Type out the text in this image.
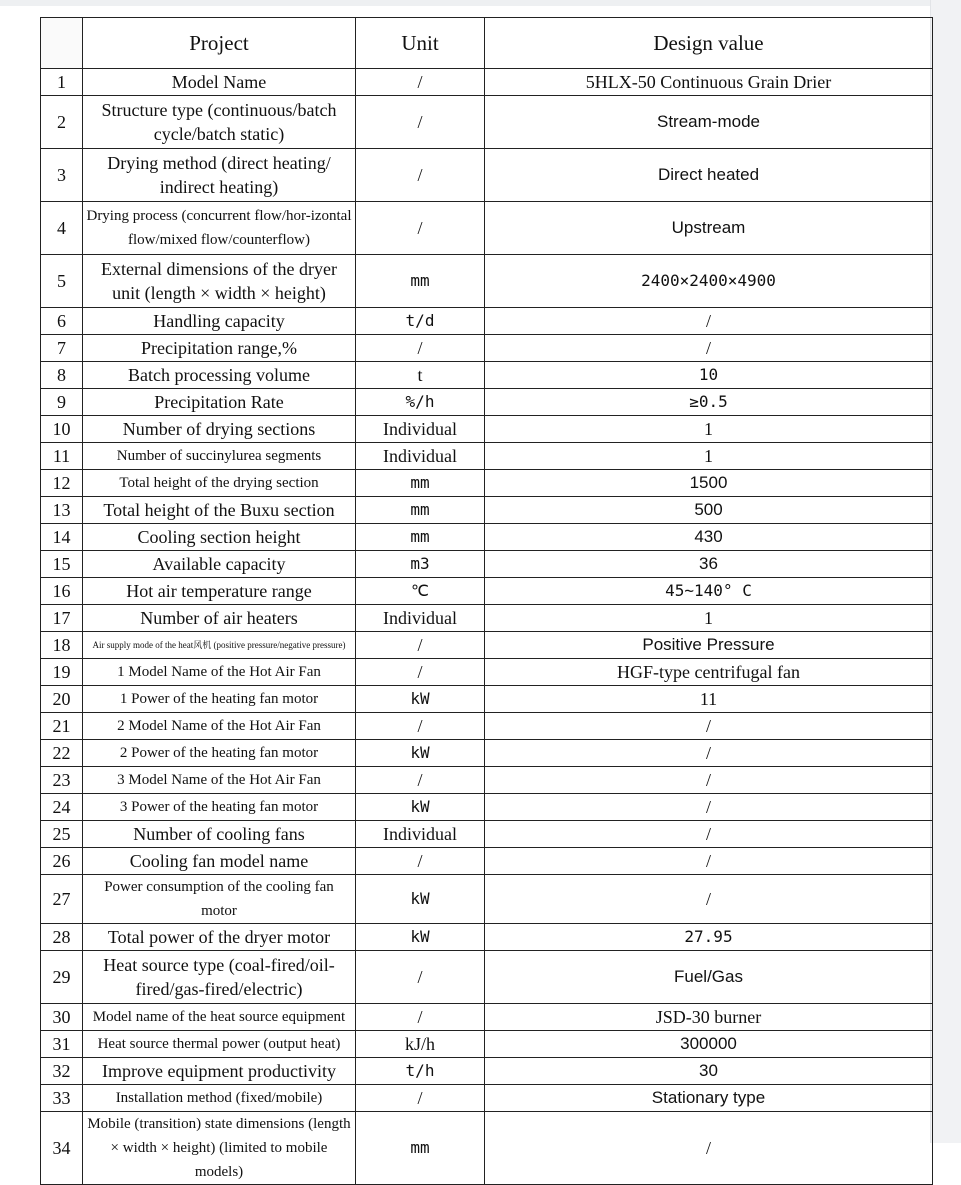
	Project	Unit	Design value
1	Model Name	/	5HLX-50 Continuous Grain Drier
2	Structure type (continuous/batch cycle/batch static)	/	Stream-mode
3	Drying method (direct heating/ indirect heating)	/	Direct heated
4	Drying process (concurrent flow/hor-izontal flow/mixed flow/counterflow)	/	Upstream
5	External dimensions of the dryer unit (length × width × height)	mm	2400×2400×4900
6	Handling capacity	t/d	/
7	Precipitation range,%	/	/
8	Batch processing volume	t	10
9	Precipitation Rate	%/h	≥0.5
10	Number of drying sections	Individual	1
11	Number of succinylurea segments	Individual	1
12	Total height of the drying section	mm	1500
13	Total height of the Buxu section	mm	500
14	Cooling section height	mm	430
15	Available capacity	m3	36
16	Hot air temperature range	℃	45~140° C
17	Number of air heaters	Individual	1
18	Air supply mode of the heat风机 (positive pressure/negative pressure)	/	Positive Pressure
19	1 Model Name of the Hot Air Fan	/	HGF-type centrifugal fan
20	1 Power of the heating fan motor	kW	11
21	2 Model Name of the Hot Air Fan	/	/
22	2 Power of the heating fan motor	kW	/
23	3 Model Name of the Hot Air Fan	/	/
24	3 Power of the heating fan motor	kW	/
25	Number of cooling fans	Individual	/
26	Cooling fan model name	/	/
27	Power consumption of the cooling fan motor	kW	/
28	Total power of the dryer motor	kW	27.95
29	Heat source type (coal-fired/oil-fired/gas-fired/electric)	/	Fuel/Gas
30	Model name of the heat source equipment	/	JSD-30 burner
31	Heat source thermal power (output heat)	kJ/h	300000
32	Improve equipment productivity	t/h	30
33	Installation method (fixed/mobile)	/	Stationary type
34	Mobile (transition) state dimensions (length × width × height) (limited to mobile models)	mm	/
